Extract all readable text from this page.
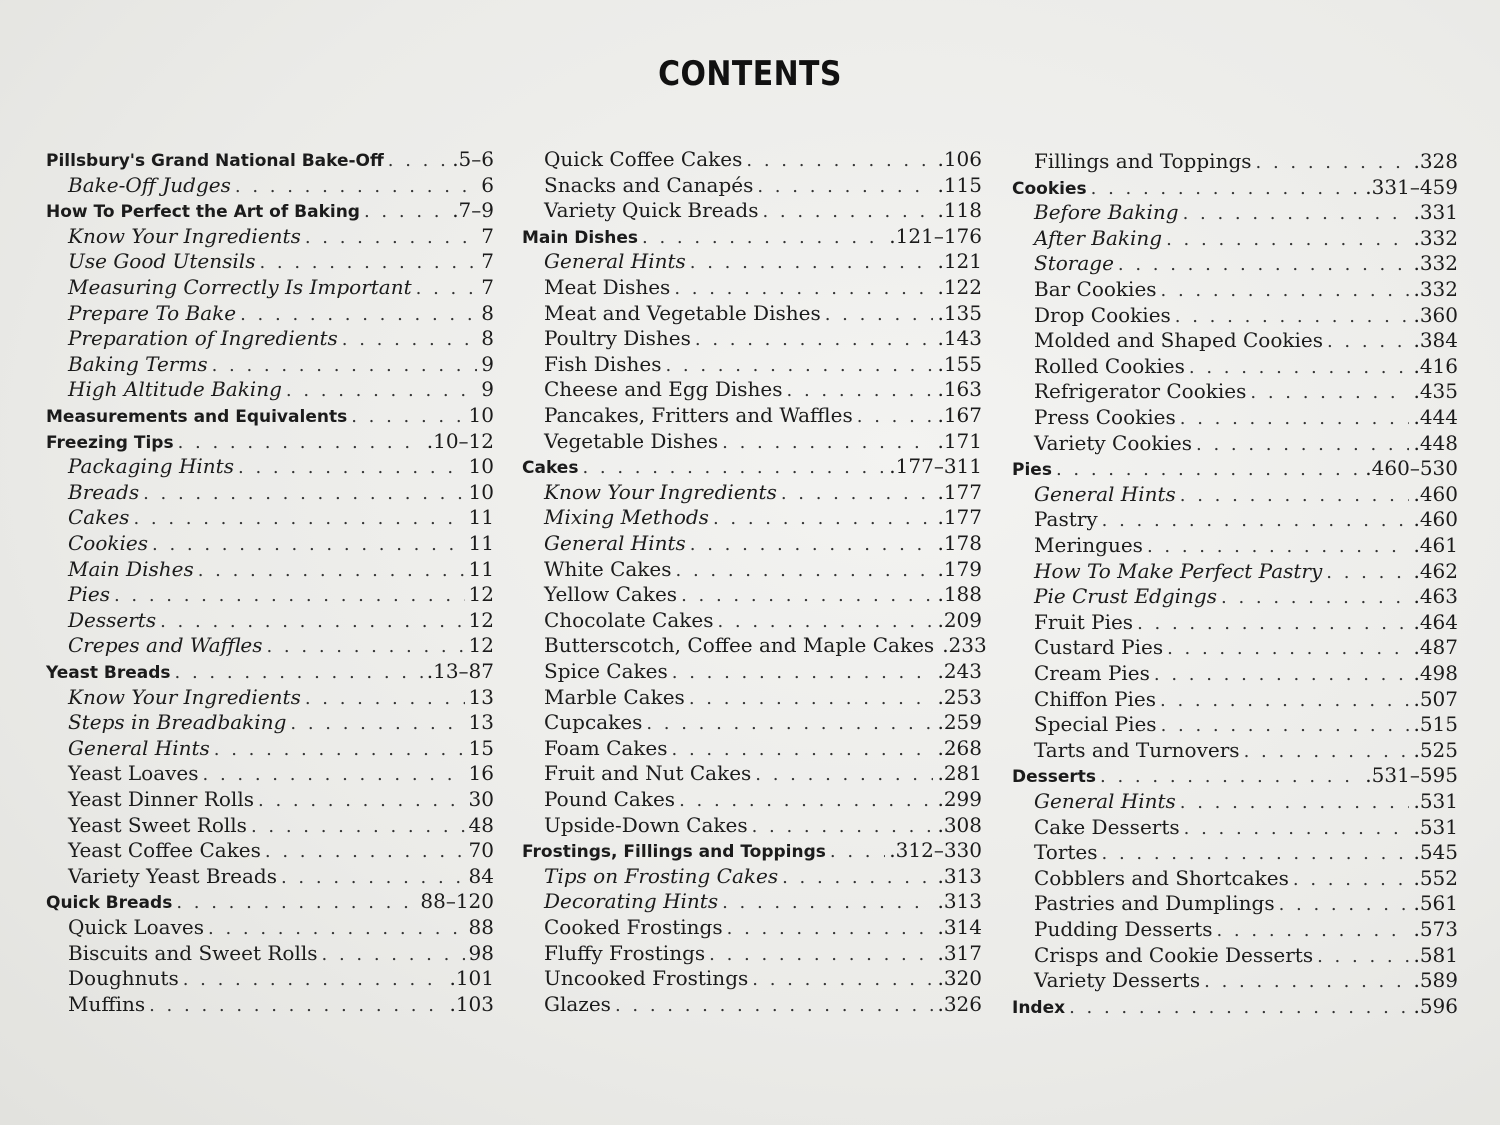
CONTENTS
Pillsbury's Grand National Bake-Off . . .	.5–6
Bake-Off Judges . . .	6
How To Perfect the Art of Baking . . .	.7–9
Know Your Ingredients . . .	7
Use Good Utensils . . .	7
Measuring Correctly Is Important . . .	7
Prepare To Bake . . .	8
Preparation of Ingredients . . .	8
Baking Terms . . .	9
High Altitude Baking . . .	9
Measurements and Equivalents . . .	10
Freezing Tips . . .	.10–12
Packaging Hints . . .	10
Breads . . .	10
Cakes . . .	11
Cookies . . .	11
Main Dishes . . .	11
Pies . . .	12
Desserts . . .	12
Crepes and Waffles . . .	12
Yeast Breads . . .	.13–87
Know Your Ingredients . . .	13
Steps in Breadbaking . . .	13
General Hints . . .	15
Yeast Loaves . . .	16
Yeast Dinner Rolls . . .	30
Yeast Sweet Rolls . . .	48
Yeast Coffee Cakes . . .	70
Variety Yeast Breads . . .	84
Quick Breads . . .	88–120
Quick Loaves . . .	88
Biscuits and Sweet Rolls . . .	98
Doughnuts . . .	.101
Muffins . . .	.103
Quick Coffee Cakes . . .	.106
Snacks and Canapés . . .	.115
Variety Quick Breads . . .	.118
Main Dishes . . .	.121–176
General Hints . . .	.121
Meat Dishes . . .	.122
Meat and Vegetable Dishes . . .	.135
Poultry Dishes . . .	.143
Fish Dishes . . .	.155
Cheese and Egg Dishes . . .	.163
Pancakes, Fritters and Waffles . . .	.167
Vegetable Dishes . . .	.171
Cakes . . .	.177–311
Know Your Ingredients . . .	.177
Mixing Methods . . .	.177
General Hints . . .	.178
White Cakes . . .	.179
Yellow Cakes . . .	.188
Chocolate Cakes . . .	.209
Butterscotch, Coffee and Maple Cakes .233
Spice Cakes . . .	.243
Marble Cakes . . .	.253
Cupcakes . . .	.259
Foam Cakes . . .	.268
Fruit and Nut Cakes . . .	.281
Pound Cakes . . .	.299
Upside-Down Cakes . . .	.308
Frostings, Fillings and Toppings . . .	.312–330
Tips on Frosting Cakes . . .	.313
Decorating Hints . . .	.313
Cooked Frostings . . .	.314
Fluffy Frostings . . .	.317
Uncooked Frostings . . .	.320
Glazes . . .	.326
Fillings and Toppings . . .	.328
Cookies . . .	.331–459
Before Baking . . .	.331
After Baking . . .	.332
Storage . . .	.332
Bar Cookies . . .	.332
Drop Cookies . . .	.360
Molded and Shaped Cookies . . .	.384
Rolled Cookies . . .	.416
Refrigerator Cookies . . .	.435
Press Cookies . . .	.444
Variety Cookies . . .	.448
Pies . . .	.460–530
General Hints . . .	.460
Pastry . . .	.460
Meringues . . .	.461
How To Make Perfect Pastry . . .	.462
Pie Crust Edgings . . .	.463
Fruit Pies . . .	.464
Custard Pies . . .	.487
Cream Pies . . .	.498
Chiffon Pies . . .	.507
Special Pies . . .	.515
Tarts and Turnovers . . .	.525
Desserts . . .	.531–595
General Hints . . .	.531
Cake Desserts . . .	.531
Tortes . . .	.545
Cobblers and Shortcakes . . .	.552
Pastries and Dumplings . . .	.561
Pudding Desserts . . .	.573
Crisps and Cookie Desserts . . .	.581
Variety Desserts . . .	.589
Index . . .	.596
